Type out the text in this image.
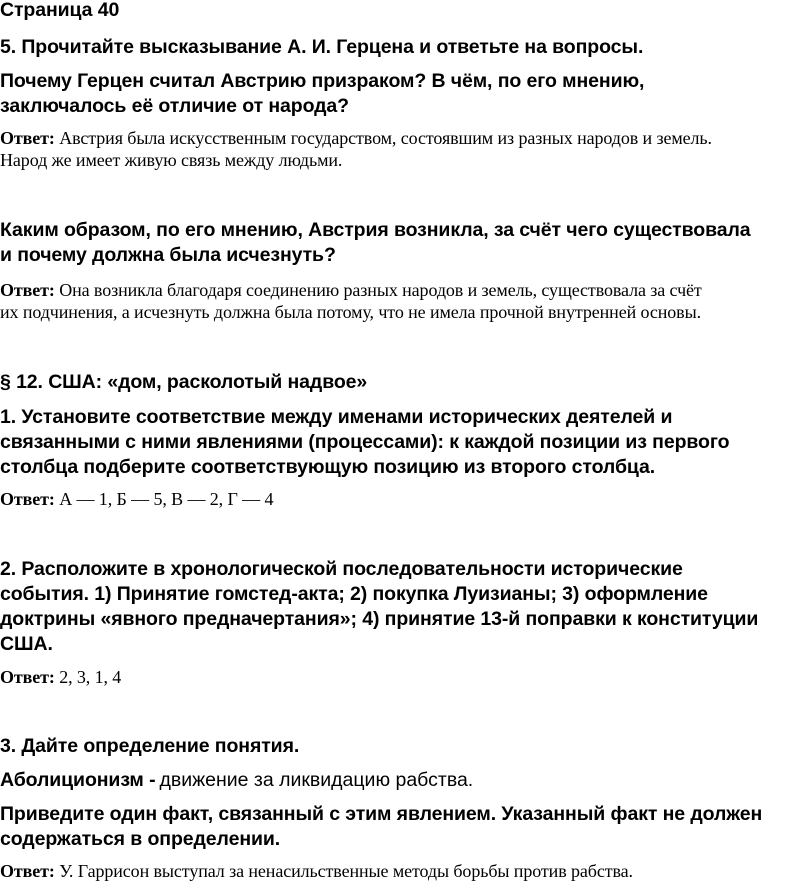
Страница 40
5. Прочитайте высказывание А. И. Герцена и ответьте на вопросы.
Почему Герцен считал Австрию призраком? В чём, по его мнению,
заключалось её отличие от народа?
Ответ: Австрия была искусственным государством, состоявшим из разных народов и земель.
Народ же имеет живую связь между людьми.
Каким образом, по его мнению, Австрия возникла, за счёт чего существовала
и почему должна была исчезнуть?
Ответ: Она возникла благодаря соединению разных народов и земель, существовала за счёт
их подчинения, а исчезнуть должна была потому, что не имела прочной внутренней основы.
§ 12. США: «дом, расколотый надвое»
1. Установите соответствие между именами исторических деятелей и
связанными с ними явлениями (процессами): к каждой позиции из первого
столбца подберите соответствующую позицию из второго столбца.
Ответ: А — 1, Б — 5, В — 2, Г — 4
2. Расположите в хронологической последовательности исторические
события. 1) Принятие гомстед-акта; 2) покупка Луизианы; 3) оформление
доктрины «явного предначертания»; 4) принятие 13-й поправки к конституции
США.
Ответ: 2, 3, 1, 4
3. Дайте определение понятия.
Аболиционизм - движение за ликвидацию рабства.
Приведите один факт, связанный с этим явлением. Указанный факт не должен
содержаться в определении.
Ответ: У. Гаррисон выступал за ненасильственные методы борьбы против рабства.
